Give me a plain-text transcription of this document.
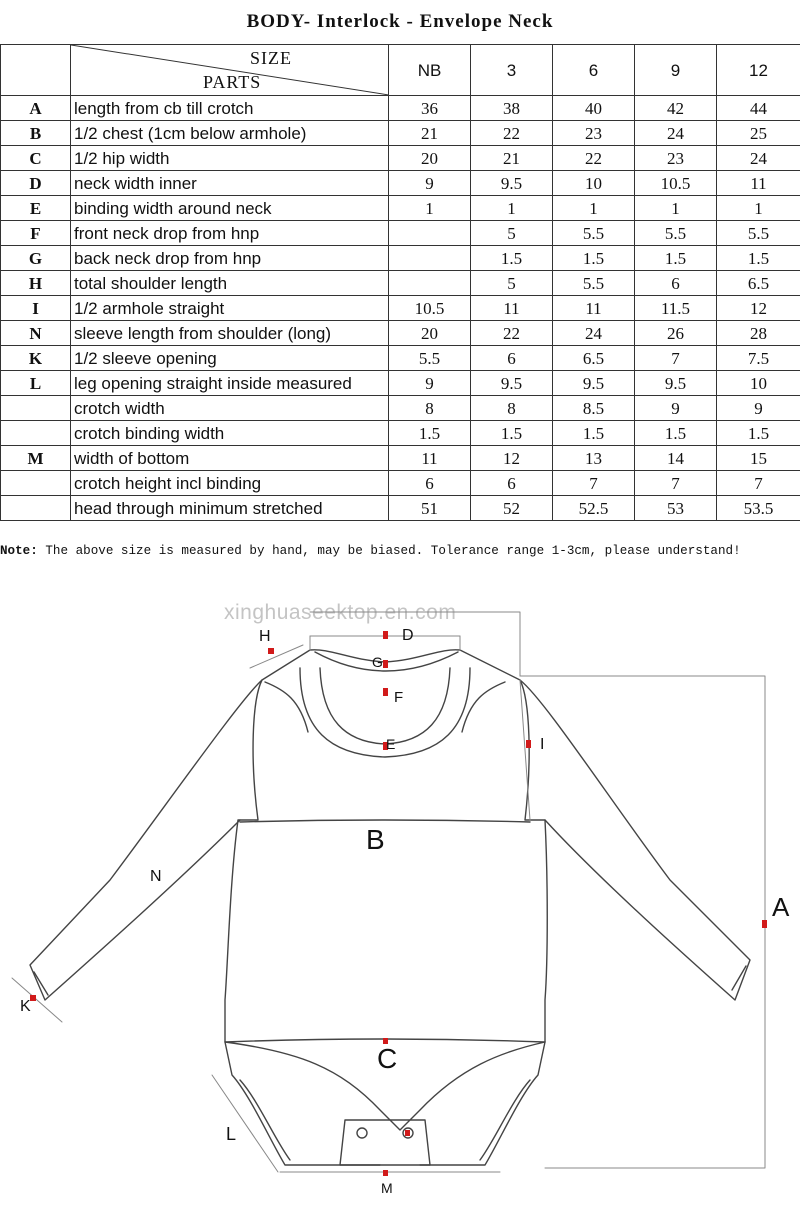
BODY- Interlock - Envelope Neck

	SIZE
PARTS	NB	3	6	9	12
A	length from cb till crotch	36	38	40	42	44
B	1/2 chest (1cm below armhole)	21	22	23	24	25
C	1/2 hip width	20	21	22	23	24
D	neck width inner	9	9.5	10	10.5	11
E	binding width around neck	1	1	1	1	1
F	front neck drop from hnp		5	5.5	5.5	5.5
G	back neck drop from hnp		1.5	1.5	1.5	1.5
H	total shoulder length		5	5.5	6	6.5
I	1/2 armhole straight	10.5	11	11	11.5	12
N	sleeve length from shoulder (long)	20	22	24	26	28
K	1/2 sleeve opening	5.5	6	6.5	7	7.5
L	leg opening straight inside measured	9	9.5	9.5	9.5	10
	crotch width	8	8	8.5	9	9
	crotch binding width	1.5	1.5	1.5	1.5	1.5
M	width of bottom	11	12	13	14	15
	crotch height incl binding	6	6	7	7	7
	head through minimum stretched	51	52	52.5	53	53.5
Note: The above size is measured by hand, may be biased. Tolerance range 1-3cm, please understand!
xinghuaseektop.en.com
H	D
G
F
E	I
B
N
A
K
C
L
M
